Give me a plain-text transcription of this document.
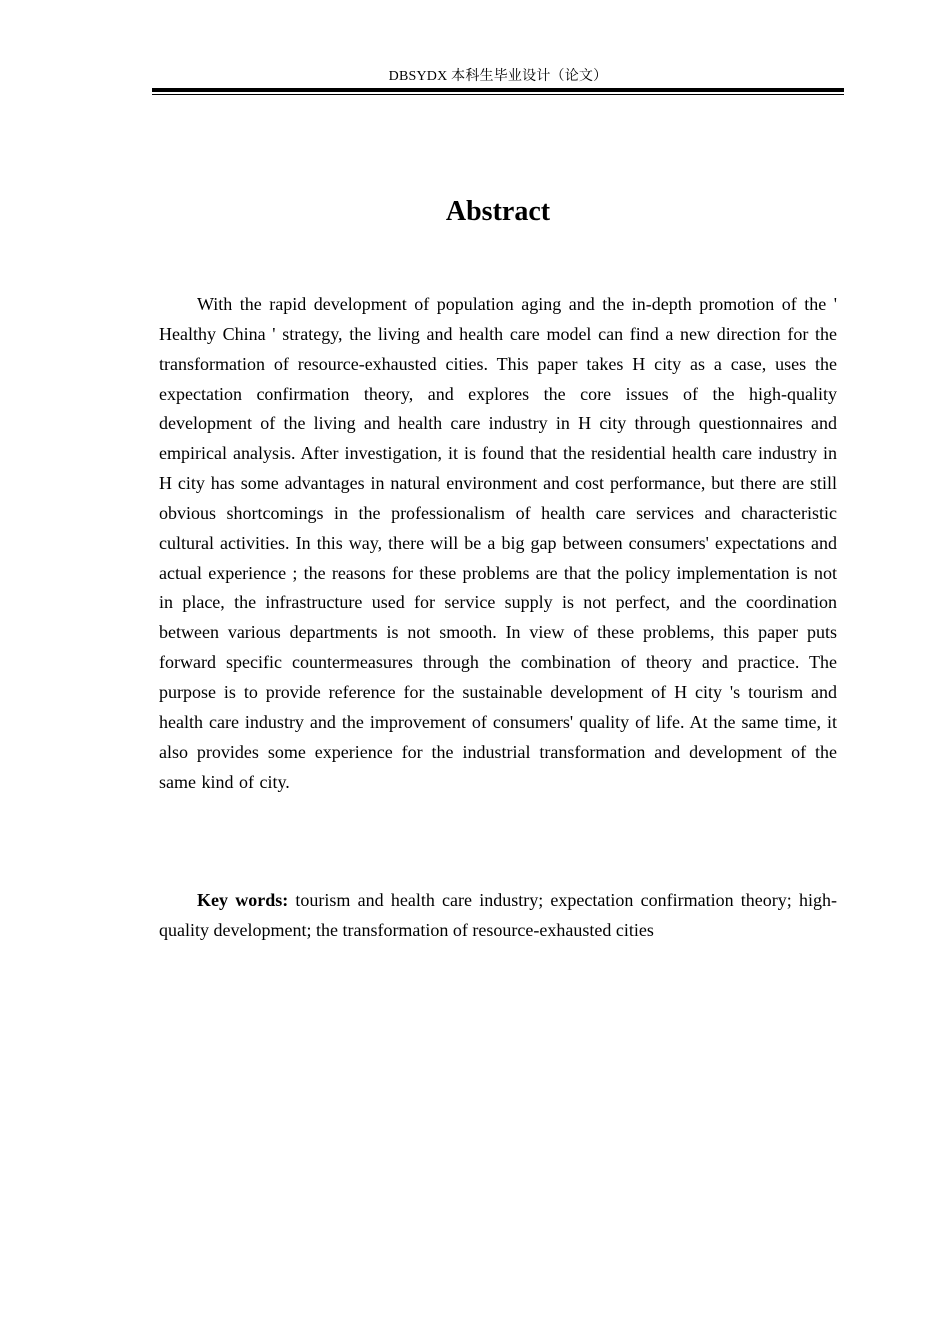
DBSYDX 本科生毕业设计（论文）
Abstract

With the rapid development of population aging and the in-depth promotion of the ' Healthy China ' strategy, the living and health care model can find a new direction for the transformation of resource-exhausted cities. This paper takes H city as a case, uses the expectation confirmation theory, and explores the core issues of the high-quality development of the living and health care industry in H city through questionnaires and empirical analysis. After investigation, it is found that the residential health care industry in H city has some advantages in natural environment and cost performance, but there are still obvious shortcomings in the professionalism of health care services and characteristic cultural activities. In this way, there will be a big gap between consumers' expectations and actual experience ; the reasons for these problems are that the policy implementation is not in place, the infrastructure used for service supply is not perfect, and the coordination between various departments is not smooth. In view of these problems, this paper puts forward specific countermeasures through the combination of theory and practice. The purpose is to provide reference for the sustainable development of H city 's tourism and health care industry and the improvement of consumers' quality of life. At the same time, it also provides some experience for the industrial transformation and development of the same kind of city.

Key words: tourism and health care industry; expectation confirmation theory; high-quality development; the transformation of resource-exhausted cities
